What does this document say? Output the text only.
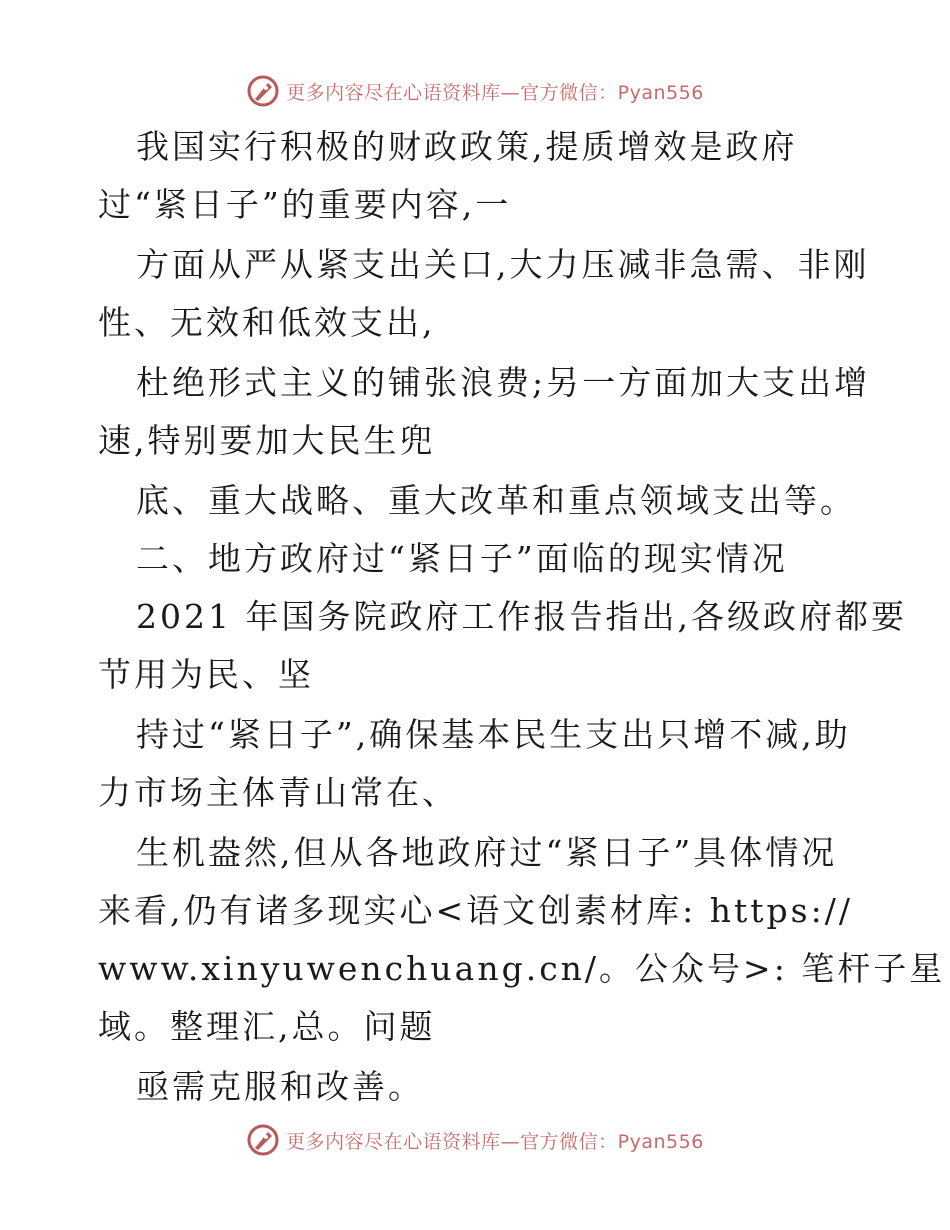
更多内容尽在心语资料库—官方微信：Pyan556
我国实行积极的财政政策,提质增效是政府
过“紧日子”的重要内容,一
方面从严从紧支出关口,大力压减非急需、非刚
性、无效和低效支出,
杜绝形式主义的铺张浪费;另一方面加大支出增
速,特别要加大民生兜
底、重大战略、重大改革和重点领域支出等。
二、地方政府过“紧日子”面临的现实情况
2021 年国务院政府工作报告指出,各级政府都要
节用为民、坚
持过“紧日子”,确保基本民生支出只增不减,助
力市场主体青山常在、
生机盎然,但从各地政府过“紧日子”具体情况
来看,仍有诸多现实心<语文创素材库: https://
www.xinyuwenchuang.cn/。公众号>: 笔杆子星
域。整理汇,总。问题
亟需克服和改善。
更多内容尽在心语资料库—官方微信：Pyan556
